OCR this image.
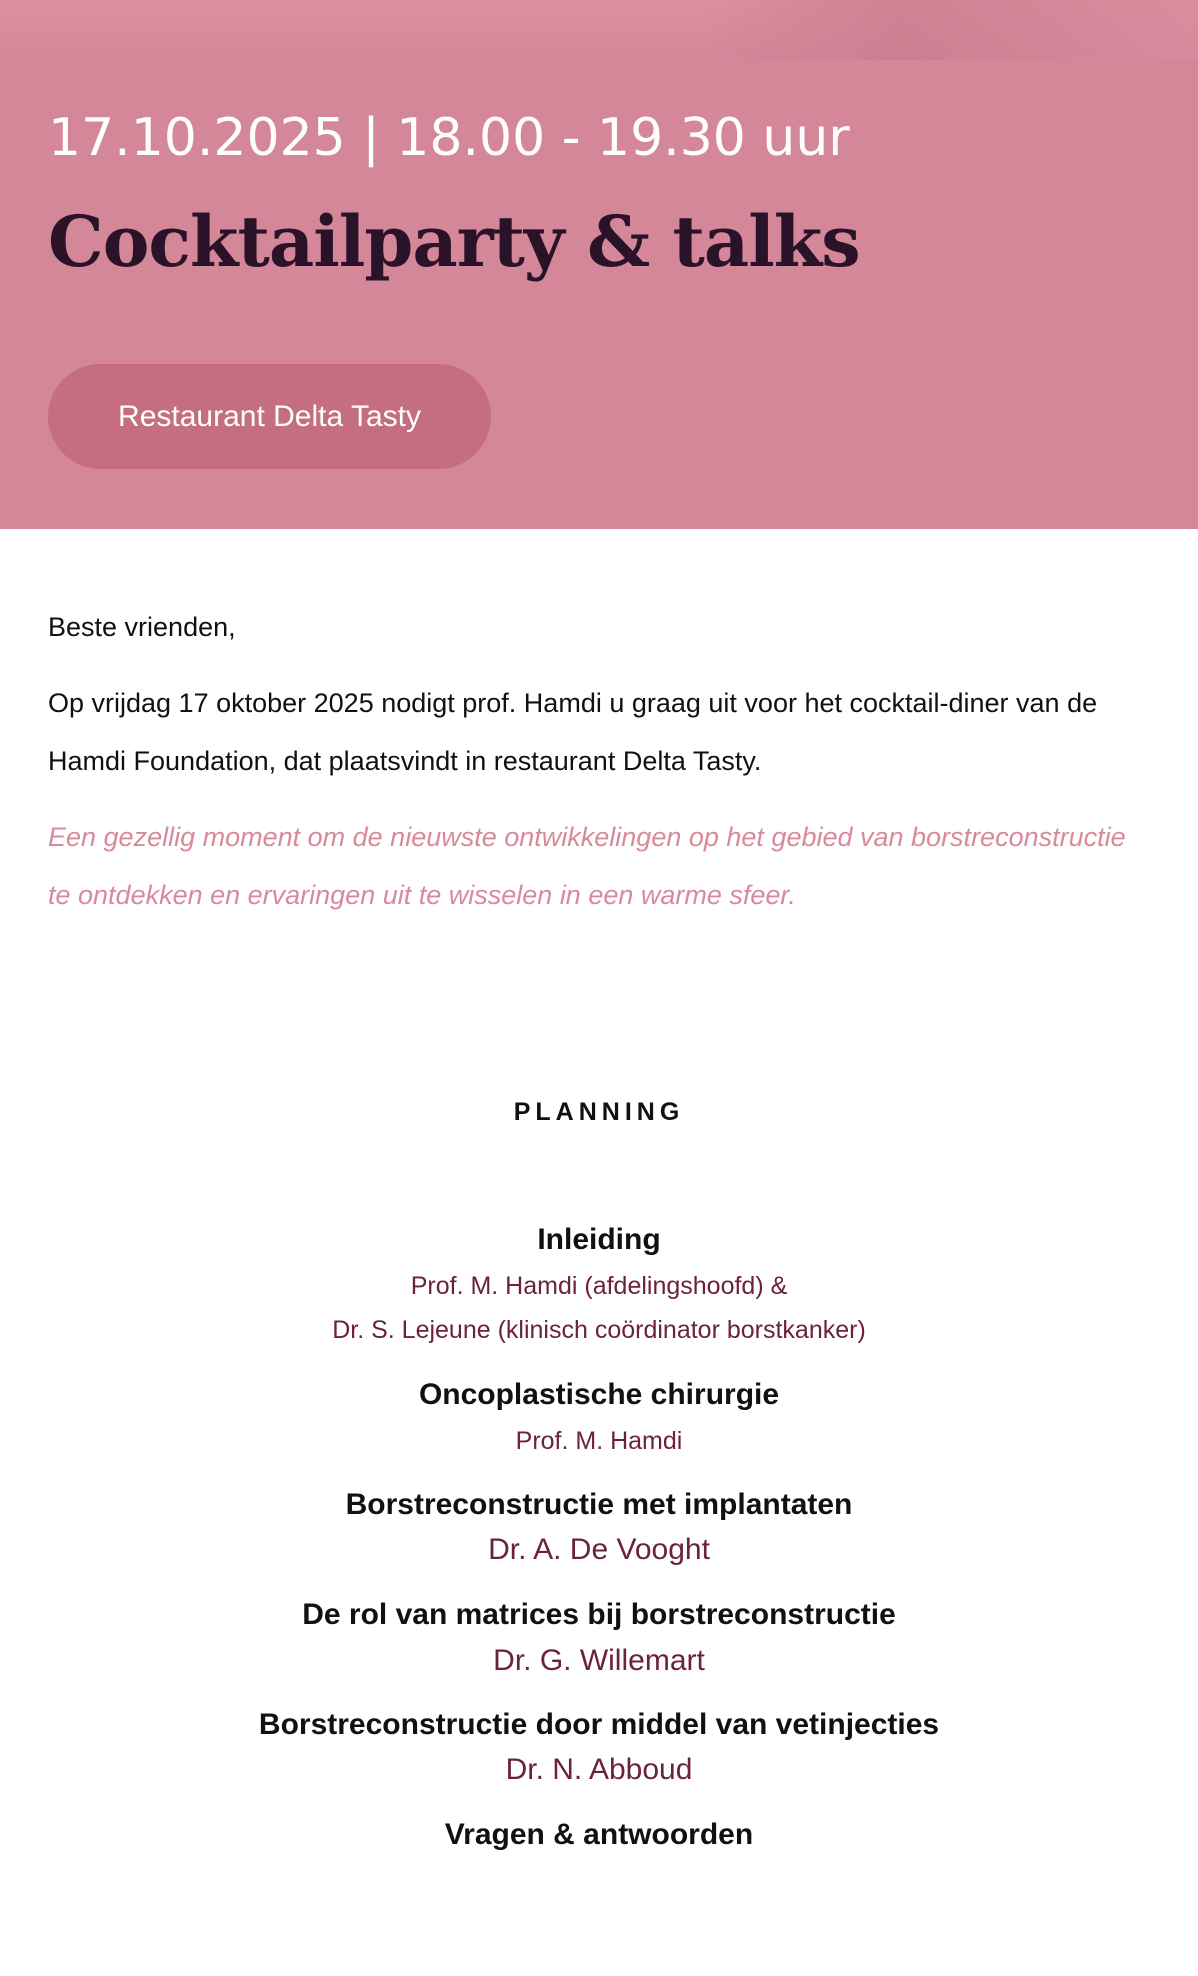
17.10.2025 | 18.00 - 19.30 uur
Cocktailparty & talks
Restaurant Delta Tasty
Beste vrienden,
Op vrijdag 17 oktober 2025 nodigt prof. Hamdi u graag uit voor het cocktail-diner van de Hamdi Foundation, dat plaatsvindt in restaurant Delta Tasty.
Een gezellig moment om de nieuwste ontwikkelingen op het gebied van borstreconstructie te ontdekken en ervaringen uit te wisselen in een warme sfeer.
PLANNING
Inleiding
Prof. M. Hamdi (afdelingshoofd) &
Dr. S. Lejeune (klinisch coördinator borstkanker)
Oncoplastische chirurgie
Prof. M. Hamdi
Borstreconstructie met implantaten
Dr. A. De Vooght
De rol van matrices bij borstreconstructie
Dr. G. Willemart
Borstreconstructie door middel van vetinjecties
Dr. N. Abboud
Vragen & antwoorden
